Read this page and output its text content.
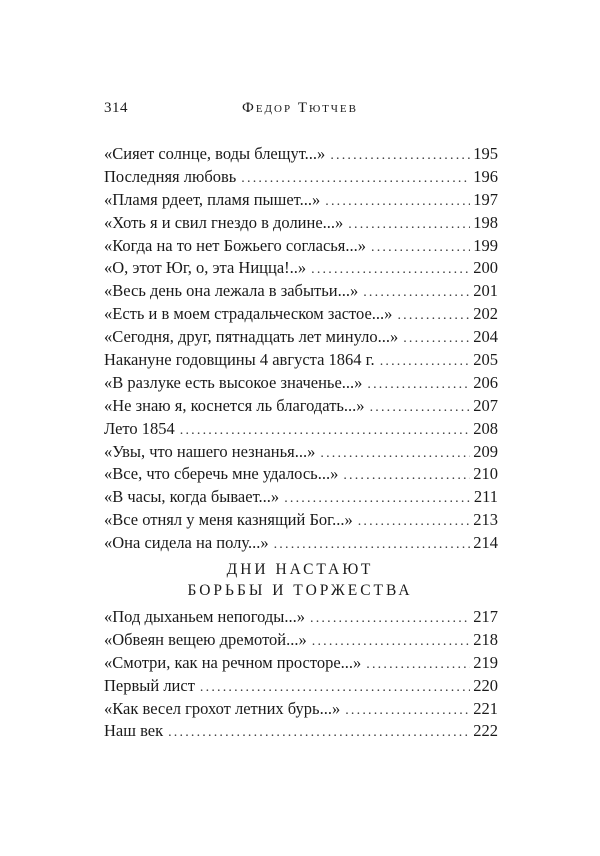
314	Федор Тютчев
«Сияет солнце, воды блещут...» .....	195
Последняя любовь .....	196
«Пламя рдеет, пламя пышет...» .....	197
«Хоть я и свил гнездо в долине...» .....	198
«Когда на то нет Божьего согласья...» .....	199
«О, этот Юг, о, эта Ницца!..» .....	200
«Весь день она лежала в забытьи...» .....	201
«Есть и в моем страдальческом застое...» .....	202
«Сегодня, друг, пятнадцать лет минуло...» .....	204
Накануне годовщины 4 августа 1864 г. .....	205
«В разлуке есть высокое значенье...» .....	206
«Не знаю я, коснется ль благодать...» .....	207
Лето 1854 .....	208
«Увы, что нашего незнанья...» .....	209
«Все, что сберечь мне удалось...» .....	210
«В часы, когда бывает...» .....	211
«Все отнял у меня казнящий Бог...» .....	213
«Она сидела на полу...» .....	214
ДНИ НАСТАЮТ
БОРЬБЫ И ТОРЖЕСТВА
«Под дыханьем непогоды...» .....	217
«Обвеян вещею дремотой...» .....	218
«Смотри, как на речном просторе...» .....	219
Первый лист .....	220
«Как весел грохот летних бурь...» .....	221
Наш век .....	222
